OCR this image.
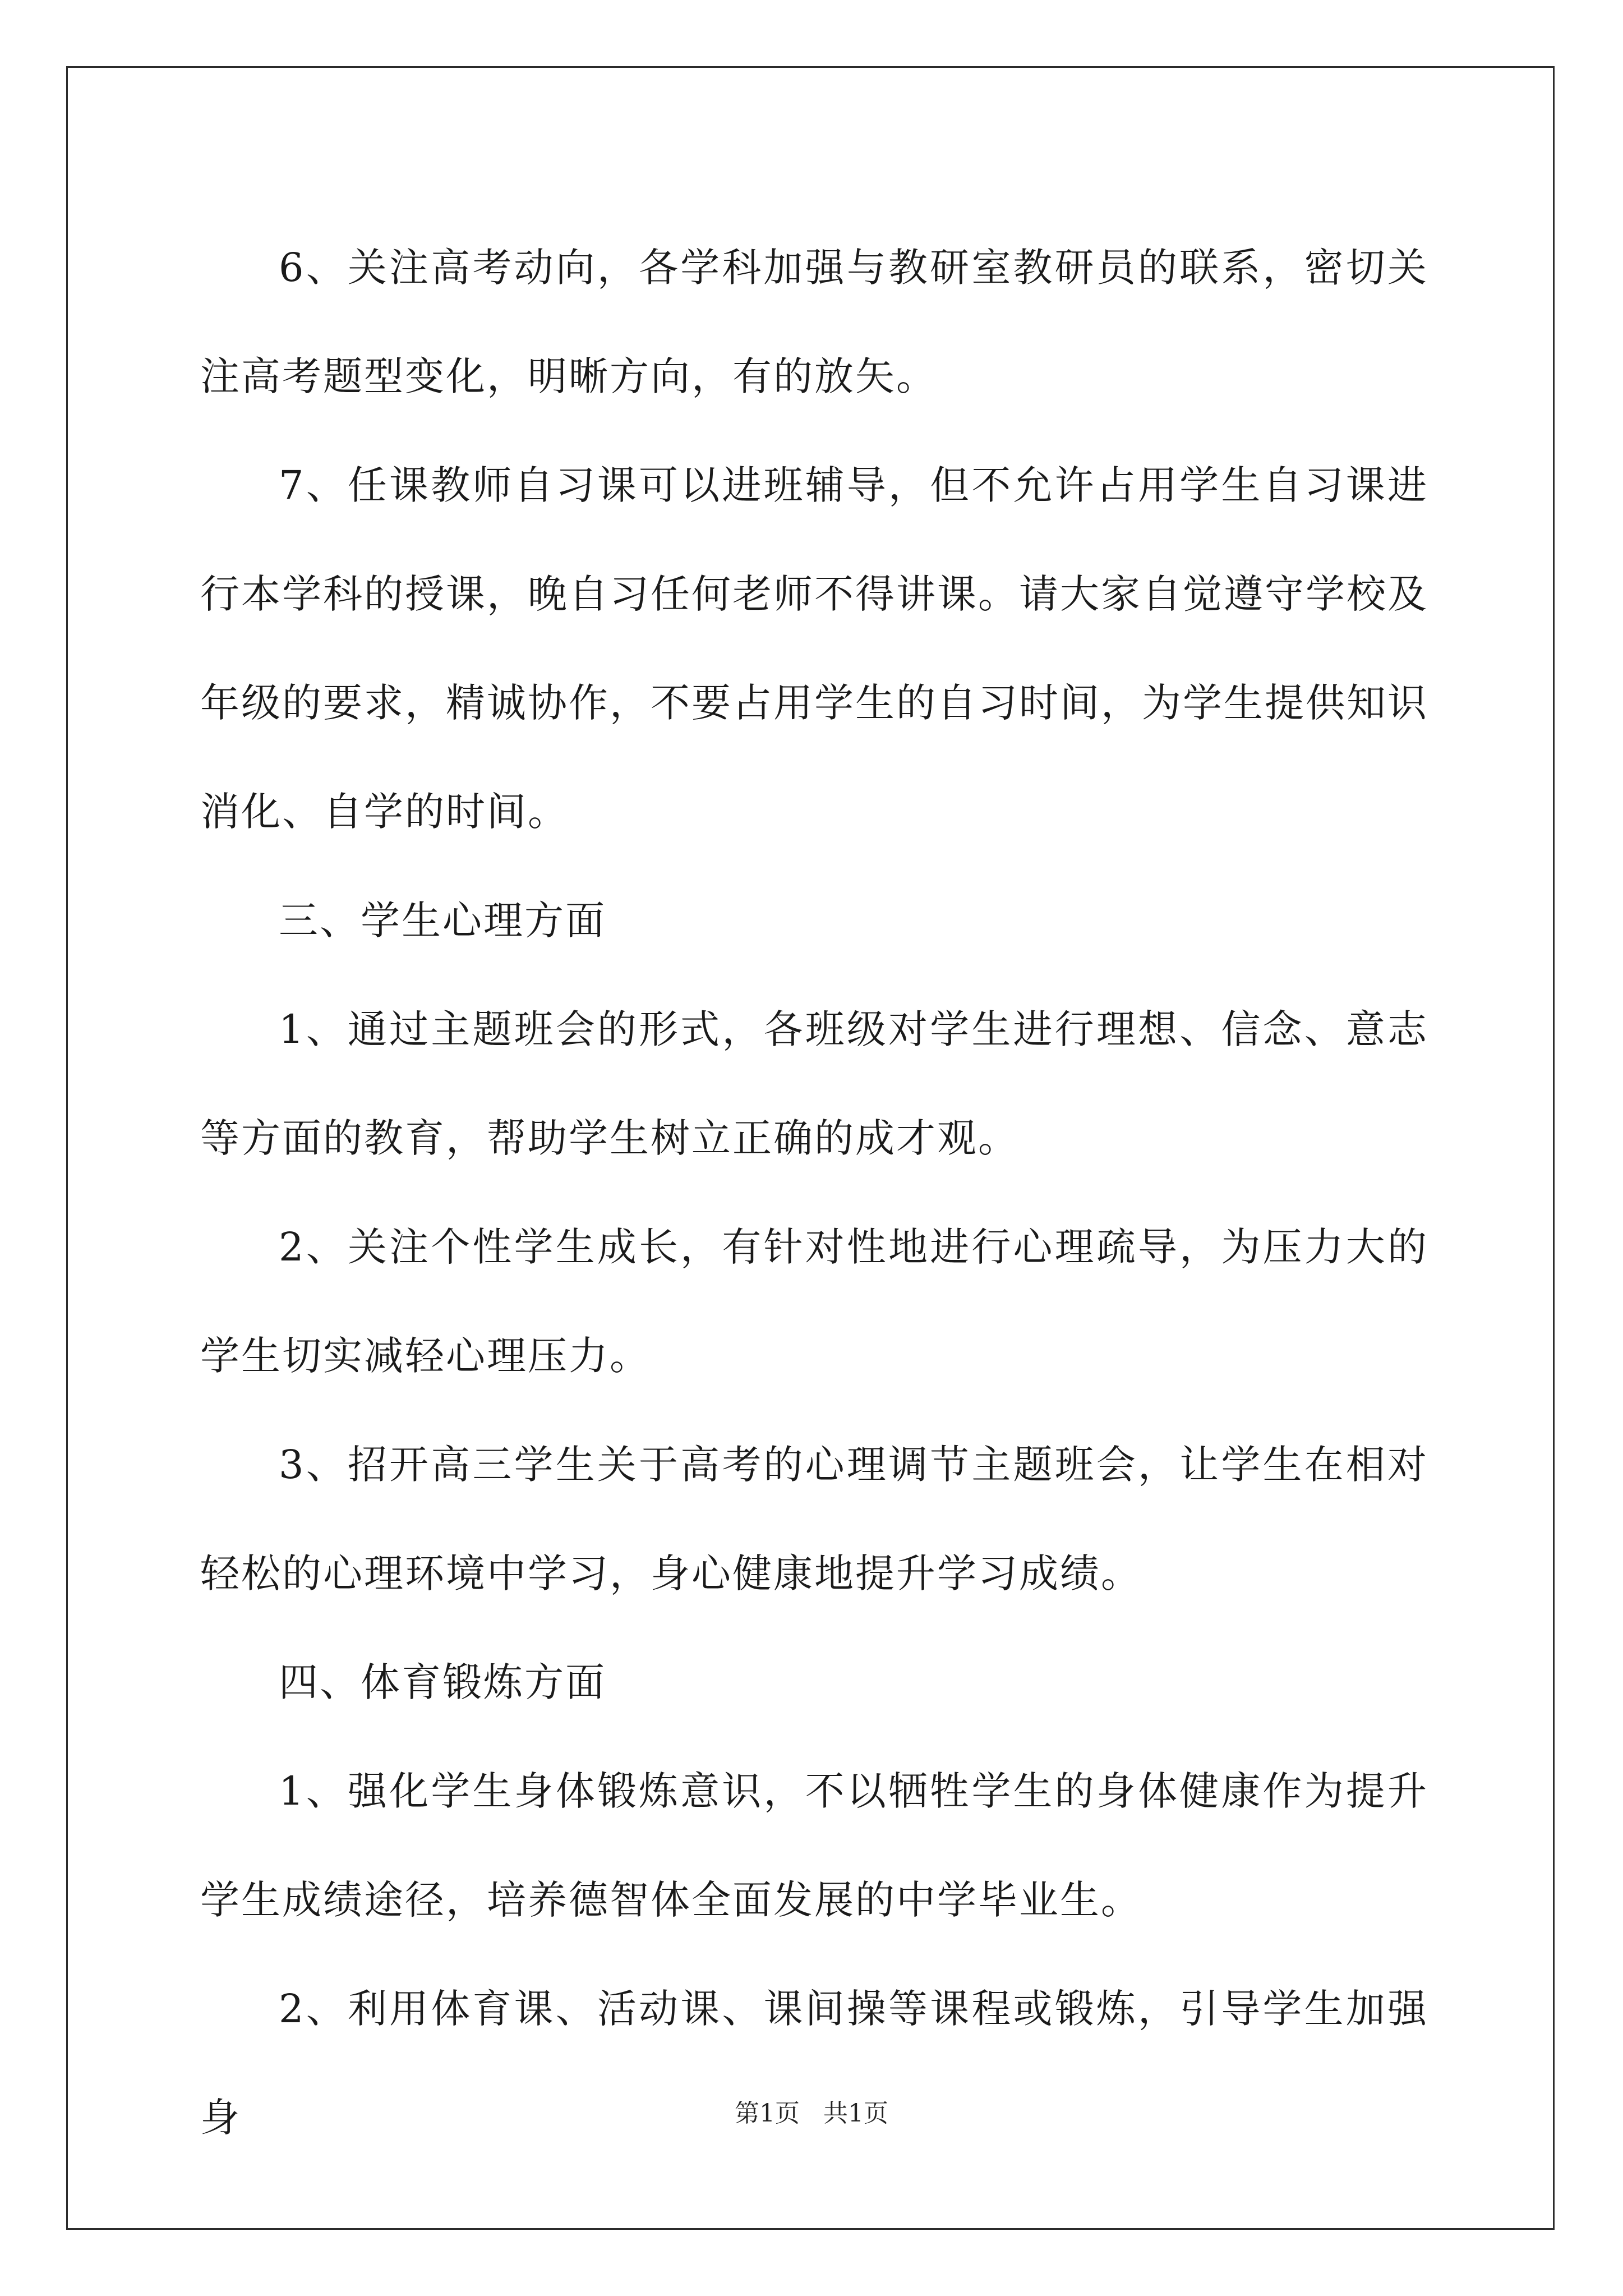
6、关注高考动向，各学科加强与教研室教研员的联系，密切关注高考题型变化，明晰方向，有的放矢。

7、任课教师自习课可以进班辅导，但不允许占用学生自习课进行本学科的授课，晚自习任何老师不得讲课。请大家自觉遵守学校及年级的要求，精诚协作，不要占用学生的自习时间，为学生提供知识消化、自学的时间。

三、学生心理方面

1、通过主题班会的形式，各班级对学生进行理想、信念、意志等方面的教育，帮助学生树立正确的成才观。

2、关注个性学生成长，有针对性地进行心理疏导，为压力大的学生切实减轻心理压力。

3、招开高三学生关于高考的心理调节主题班会，让学生在相对轻松的心理环境中学习，身心健康地提升学习成绩。

四、体育锻炼方面

1、强化学生身体锻炼意识，不以牺牲学生的身体健康作为提升学生成绩途径，培养德智体全面发展的中学毕业生。

2、利用体育课、活动课、课间操等课程或锻炼，引导学生加强身	第1页 共1页
